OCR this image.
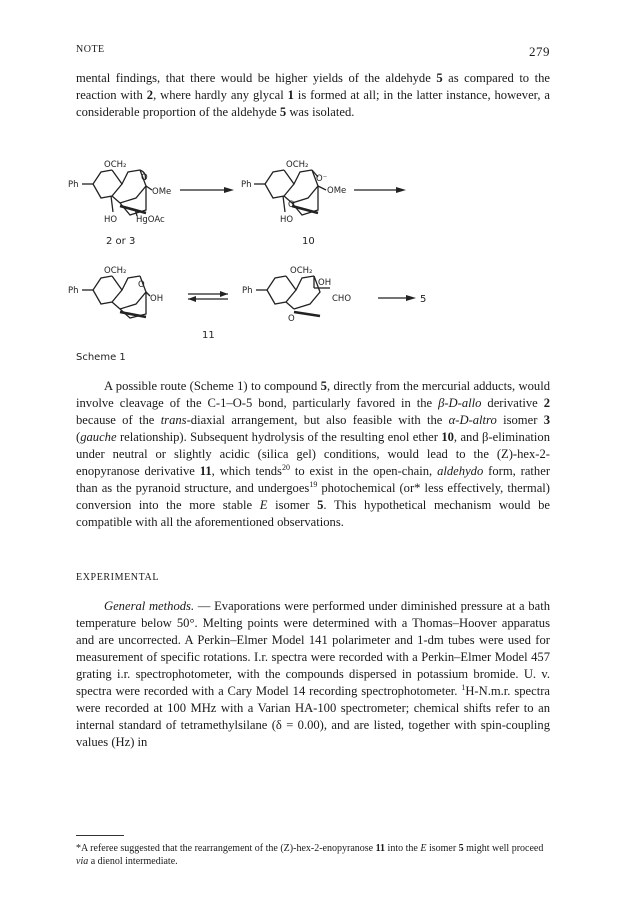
NOTE	279

mental findings, that there would be higher yields of the aldehyde 5 as compared to the reaction with 2, where hardly any glycal 1 is formed at all; in the latter instance, however, a considerable proportion of the aldehyde 5 was isolated.

OCH₂
Ph
O
OMe
HO HgOAc
OCH₂
Ph
O⁻
OMe
O
HO
OCH₂
Ph
O
OH
OCH₂
Ph
OH
CHO
O
5
2 or 3	10
11
Scheme 1

A possible route (Scheme 1) to compound 5, directly from the mercurial adducts, would involve cleavage of the C-1–O-5 bond, particularly favored in the β-D-allo derivative 2 because of the trans-diaxial arrangement, but also feasible with the α-D-altro isomer 3 (gauche relationship). Subsequent hydrolysis of the resulting enol ether 10, and β-elimination under neutral or slightly acidic (silica gel) conditions, would lead to the (Z)-hex-2-enopyranose derivative 11, which tends$^{20}$ to exist in the open-chain, aldehydo form, rather than as the pyranoid structure, and undergoes$^{19}$ photochemical (or* less effectively, thermal) conversion into the more stable E isomer 5. This hypothetical mechanism would be compatible with all the aforementioned observations.

EXPERIMENTAL

General methods. — Evaporations were performed under diminished pressure at a bath temperature below 50°. Melting points were determined with a Thomas–Hoover apparatus and are uncorrected. A Perkin–Elmer Model 141 polarimeter and 1-dm tubes were used for measurement of specific rotations. I.r. spectra were recorded with a Perkin–Elmer Model 457 grating i.r. spectrophotometer, with the compounds dispersed in potassium bromide. U. v. spectra were recorded with a Cary Model 14 recording spectrophotometer. $^1$H-N.m.r. spectra were recorded at 100 MHz with a Varian HA-100 spectrometer; chemical shifts refer to an internal standard of tetramethylsilane (δ = 0.00), and are listed, together with spin-coupling values (Hz) in

*A referee suggested that the rearrangement of the (Z)-hex-2-enopyranose 11 into the E isomer 5 might well proceed via a dienol intermediate.
